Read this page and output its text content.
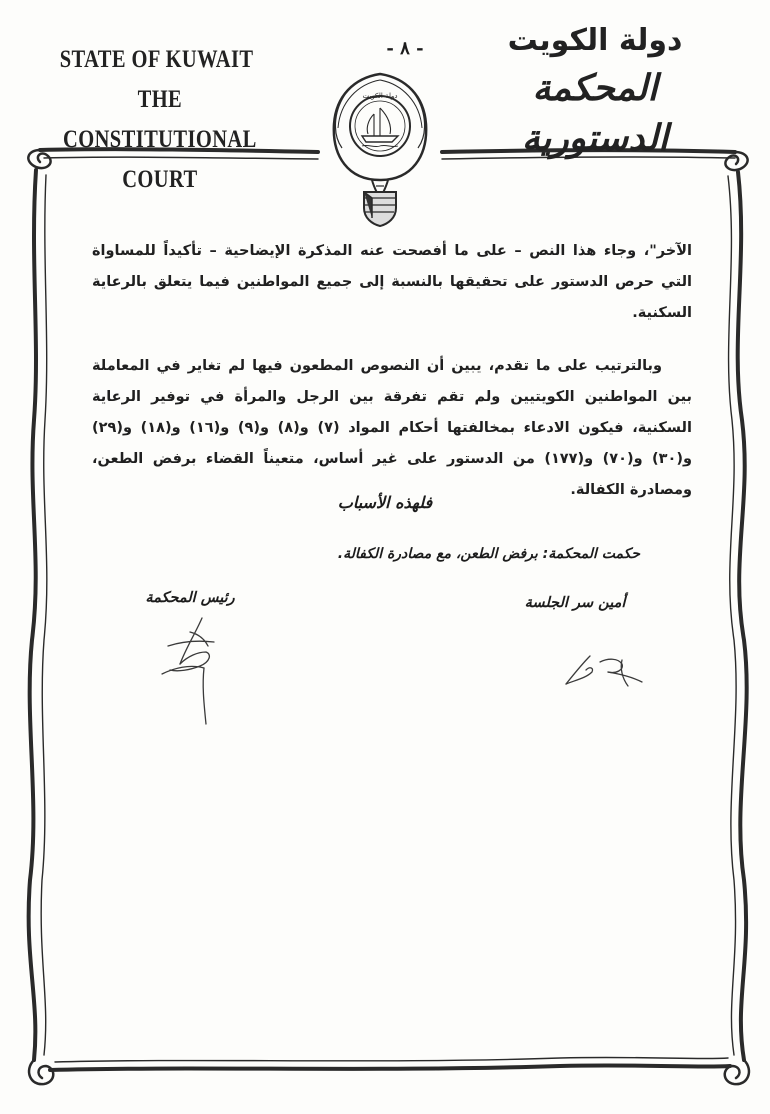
STATE OF KUWAIT
THE CONSTITUTIONAL COURT
- ٨ -
دولة الكويت
دولة الكويت
المحكمة الدستورية

الآخر"، وجاء هذا النص – على ما أفصحت عنه المذكرة الإيضاحية – تأكيداً للمساواة التي حرص الدستور على تحقيقها بالنسبة إلى جميع المواطنين فيما يتعلق بالرعاية السكنية.

وبالترتيب على ما تقدم، يبين أن النصوص المطعون فيها لم تغاير في المعاملة بين المواطنين الكويتيين ولم تقم تفرقة بين الرجل والمرأة في توفير الرعاية السكنية، فيكون الادعاء بمخالفتها أحكام المواد (٧) و(٨) و(٩) و(١٦) و(١٨) و(٢٩) و(٣٠) و(٧٠) و(١٧٧) من الدستور على غير أساس، متعيناً القضاء برفض الطعن، ومصادرة الكفالة.

فلهذه الأسباب
حكمت المحكمة: برفض الطعن، مع مصادرة الكفالة.
رئيس المحكمة	أمين سر الجلسة
